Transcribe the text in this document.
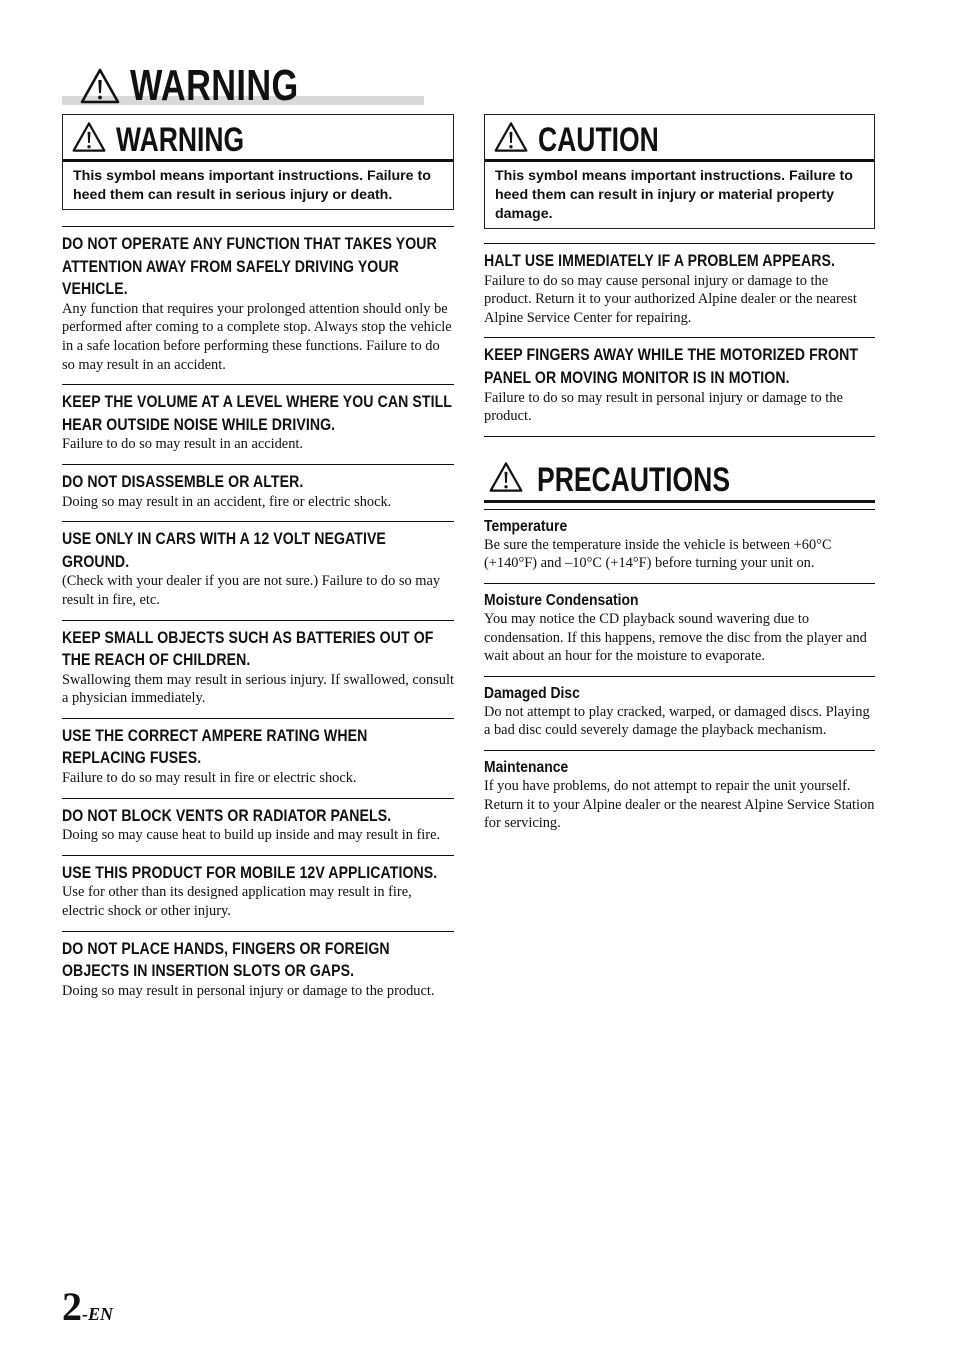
WARNING
WARNING
This symbol means important instructions. Failure to heed them can result in serious injury or death.
DO NOT OPERATE ANY FUNCTION THAT TAKES YOUR ATTENTION AWAY FROM SAFELY DRIVING YOUR VEHICLE.
Any function that requires your prolonged attention should only be performed after coming to a complete stop. Always stop the vehicle in a safe location before performing these functions. Failure to do so may result in an accident.
KEEP THE VOLUME AT A LEVEL WHERE YOU CAN STILL HEAR OUTSIDE NOISE WHILE DRIVING.
Failure to do so may result in an accident.
DO NOT DISASSEMBLE OR ALTER.
Doing so may result in an accident, fire or electric shock.
USE ONLY IN CARS WITH A 12 VOLT NEGATIVE GROUND.
(Check with your dealer if you are not sure.) Failure to do so may result in fire, etc.
KEEP SMALL OBJECTS SUCH AS BATTERIES OUT OF THE REACH OF CHILDREN.
Swallowing them may result in serious injury. If swallowed, consult a physician immediately.
USE THE CORRECT AMPERE RATING WHEN REPLACING FUSES.
Failure to do so may result in fire or electric shock.
DO NOT BLOCK VENTS OR RADIATOR PANELS.
Doing so may cause heat to build up inside and may result in fire.
USE THIS PRODUCT FOR MOBILE 12V APPLICATIONS.
Use for other than its designed application may result in fire, electric shock or other injury.
DO NOT PLACE HANDS, FINGERS OR FOREIGN OBJECTS IN INSERTION SLOTS OR GAPS.
Doing so may result in personal injury or damage to the product.
CAUTION
This symbol means important instructions. Failure to heed them can result in injury or material property damage.
HALT USE IMMEDIATELY IF A PROBLEM APPEARS.
Failure to do so may cause personal injury or damage to the product. Return it to your authorized Alpine dealer or the nearest Alpine Service Center for repairing.
KEEP FINGERS AWAY WHILE THE MOTORIZED FRONT PANEL OR MOVING MONITOR IS IN MOTION.
Failure to do so may result in personal injury or damage to the product.
PRECAUTIONS
Temperature
Be sure the temperature inside the vehicle is between +60°C (+140°F) and –10°C (+14°F) before turning your unit on.
Moisture Condensation
You may notice the CD playback sound wavering due to condensation. If this happens, remove the disc from the player and wait about an hour for the moisture to evaporate.
Damaged Disc
Do not attempt to play cracked, warped, or damaged discs. Playing a bad disc could severely damage the playback mechanism.
Maintenance
If you have problems, do not attempt to repair the unit yourself. Return it to your Alpine dealer or the nearest Alpine Service Station for servicing.
2-EN
